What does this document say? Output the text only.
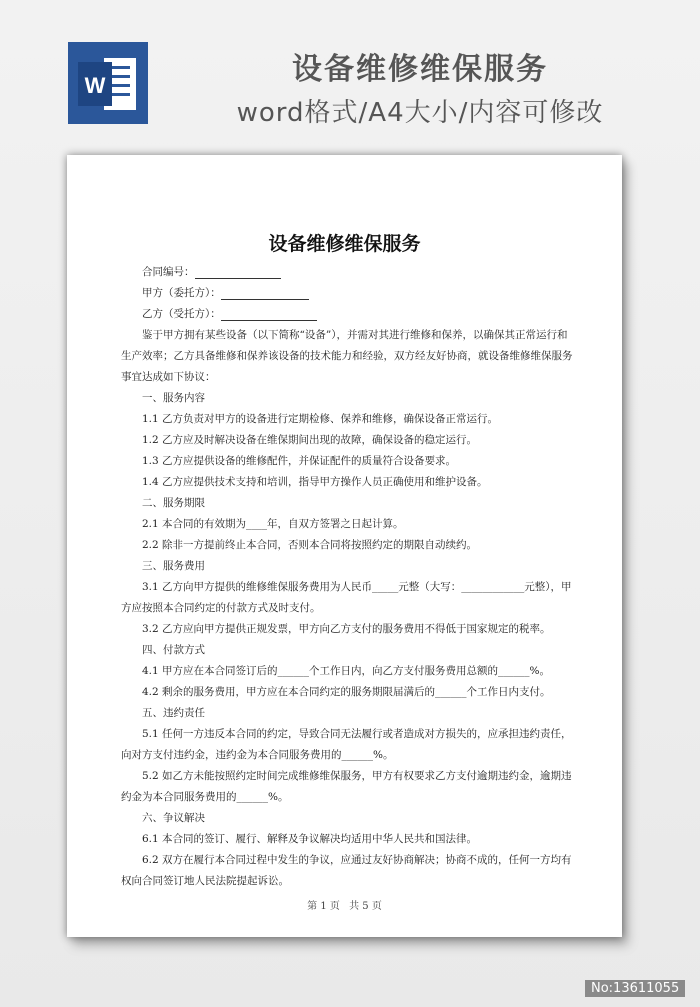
W	设备维修维保服务
word格式/A4大小/内容可修改
设备维修维保服务

合同编号：

甲方（委托方）：

乙方（受托方）：

鉴于甲方拥有某些设备（以下简称“设备”），并需对其进行维修和保养，以确保其正常运行和生产效率；乙方具备维修和保养该设备的技术能力和经验，双方经友好协商，就设备维修维保服务事宜达成如下协议：

一、服务内容

1.1 乙方负责对甲方的设备进行定期检修、保养和维修，确保设备正常运行。

1.2 乙方应及时解决设备在维保期间出现的故障，确保设备的稳定运行。

1.3 乙方应提供设备的维修配件，并保证配件的质量符合设备要求。

1.4 乙方应提供技术支持和培训，指导甲方操作人员正确使用和维护设备。

二、服务期限

2.1 本合同的有效期为____年，自双方签署之日起计算。

2.2 除非一方提前终止本合同，否则本合同将按照约定的期限自动续约。

三、服务费用

3.1 乙方向甲方提供的维修维保服务费用为人民币_____元整（大写：____________元整），甲方应按照本合同约定的付款方式及时支付。

3.2 乙方应向甲方提供正规发票，甲方向乙方支付的服务费用不得低于国家规定的税率。

四、付款方式

4.1 甲方应在本合同签订后的______个工作日内，向乙方支付服务费用总额的______%。

4.2 剩余的服务费用，甲方应在本合同约定的服务期限届满后的______个工作日内支付。

五、违约责任

5.1 任何一方违反本合同的约定，导致合同无法履行或者造成对方损失的，应承担违约责任，向对方支付违约金，违约金为本合同服务费用的______%。

5.2 如乙方未能按照约定时间完成维修维保服务，甲方有权要求乙方支付逾期违约金，逾期违约金为本合同服务费用的______%。

六、争议解决

6.1 本合同的签订、履行、解释及争议解决均适用中华人民共和国法律。

6.2 双方在履行本合同过程中发生的争议，应通过友好协商解决；协商不成的，任何一方均有权向合同签订地人民法院提起诉讼。

第 1 页 共 5 页
No:13611055
